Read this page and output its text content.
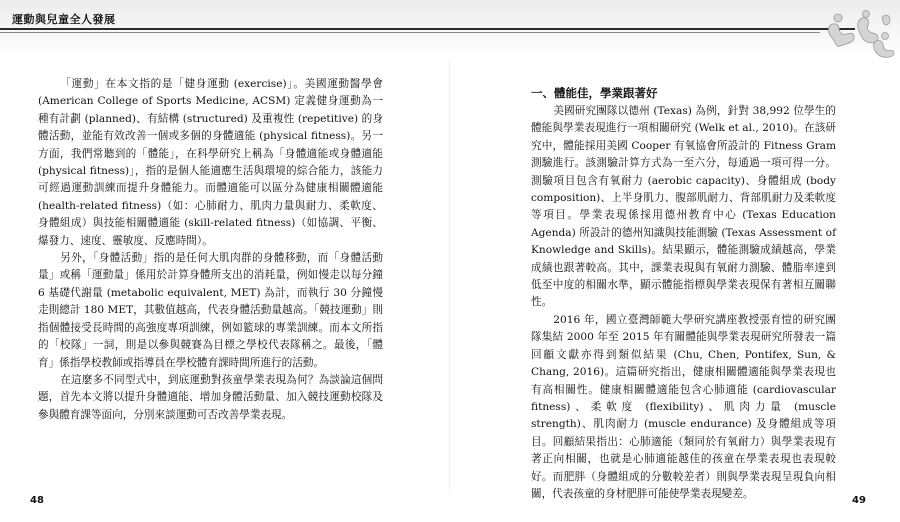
運動與兒童全人發展

「運動」在本文指的是「健身運動 (exercise)」。美國運動醫學會 (American College of Sports Medicine, ACSM) 定義健身運動為一種有計劃 (planned)、有結構 (structured) 及重複性 (repetitive) 的身體活動，並能有效改善一個或多個的身體適能 (physical fitness)。另一方面，我們常聽到的「體能」，在科學研究上稱為「身體適能或身體適能 (physical fitness)」，指的是個人能適應生活與環境的綜合能力，該能力可經過運動訓練而提升身體能力。而體適能可以區分為健康相關體適能 (health-related fitness)（如：心肺耐力、肌肉力量與耐力、柔軟度、身體組成）與技能相關體適能 (skill-related fitness)（如協調、平衡、爆發力、速度、靈敏度、反應時間）。

另外，「身體活動」指的是任何大肌肉群的身體移動，而「身體活動量」或稱「運動量」係用於計算身體所支出的消耗量，例如慢走以每分鐘 6 基礎代謝量 (metabolic equivalent, MET) 為計，而執行 30 分鐘慢走則總計 180 MET，其數值越高，代表身體活動量越高。「競技運動」則指個體接受長時間的高強度專項訓練，例如籃球的專業訓練。而本文所指的「校隊」一詞，則是以參與競賽為目標之學校代表隊稱之。最後，「體育」係指學校教師或指導員在學校體育課時間所進行的活動。

在這麼多不同型式中，到底運動對孩童學業表現為何？為談論這個問題，首先本文將以提升身體適能、增加身體活動量、加入競技運動校隊及參與體育課等面向，分別來談運動可否改善學業表現。

一、體能佳，學業跟著好

美國研究團隊以德州 (Texas) 為例，針對 38,992 位學生的體能與學業表現進行一項相關研究 (Welk et al., 2010)。在該研究中，體能採用美國 Cooper 有氧協會所設計的 Fitness Gram 測驗進行。該測驗計算方式為一至六分，每通過一項可得一分。測驗項目包含有氧耐力 (aerobic capacity)、身體組成 (body composition)、上半身肌力、腹部肌耐力、背部肌耐力及柔軟度等項目。學業表現係採用德州教育中心 (Texas Education Agenda) 所設計的德州知識與技能測驗 (Texas Assessment of Knowledge and Skills)。結果顯示，體能測驗成績越高，學業成績也跟著較高。其中，課業表現與有氧耐力測驗、體脂率達到低至中度的相關水準，顯示體能指標與學業表現保有著相互關聯性。

2016 年，國立臺灣師範大學研究講座教授張育愷的研究團隊集結 2000 年至 2015 年有關體能與學業表現研究所發表一篇回顧文獻亦得到類似結果 (Chu, Chen, Pontifex, Sun, & Chang, 2016)。這篇研究指出，健康相關體適能與學業表現也有高相關性。健康相關體適能包含心肺適能 (cardiovascular fitness)、柔軟度 (flexibility)、肌肉力量 (muscle strength)、肌肉耐力 (muscle endurance) 及身體組成等項目。回顧結果指出：心肺適能（類同於有氧耐力）與學業表現有著正向相關，也就是心肺適能越佳的孩童在學業表現也表現較好。而肥胖（身體組成的分數較差者）則與學業表現呈現負向相關，代表孩童的身材肥胖可能使學業表現變差。

48	49
